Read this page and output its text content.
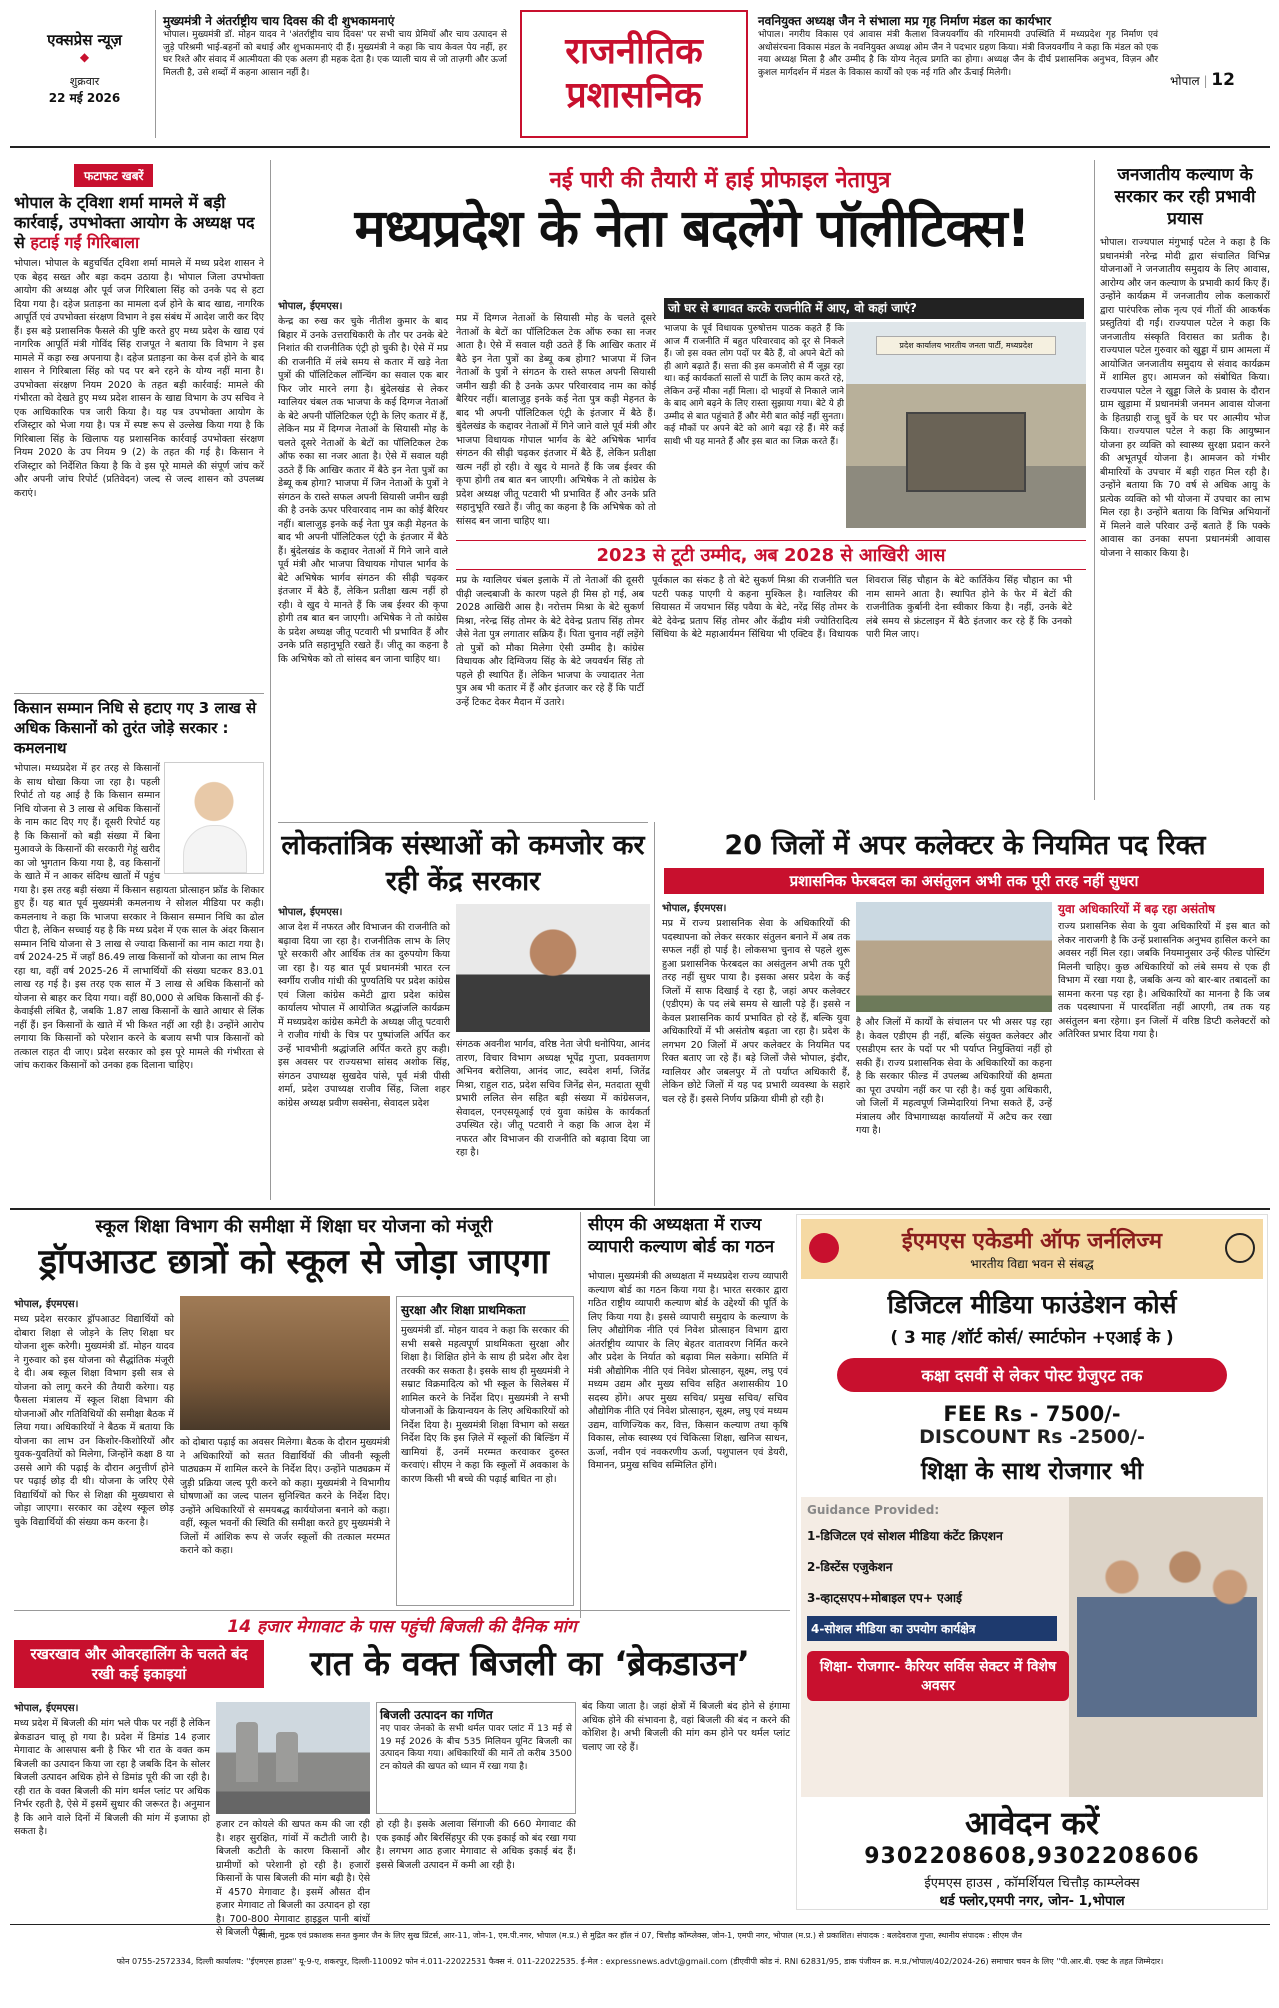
एक्सप्रेस न्यूज़
◆
शुक्रवार
22 मई 2026
मुख्यमंत्री ने अंतर्राष्ट्रीय चाय दिवस की दी शुभकामनाएं
भोपाल। मुख्यमंत्री डॉ. मोहन यादव ने 'अंतर्राष्ट्रीय चाय दिवस' पर सभी चाय प्रेमियों और चाय उत्पादन से जुड़े परिश्रमी भाई-बहनों को बधाई और शुभकामनाएं दी हैं। मुख्यमंत्री ने कहा कि चाय केवल पेय नहीं, हर घर रिश्ते और संवाद में आत्मीयता की एक अलग ही महक देता है। एक प्याली चाय से जो ताज़गी और ऊर्जा मिलती है, उसे शब्दों में कहना आसान नहीं है।
राजनीतिक
प्रशासनिक
नवनियुक्त अध्यक्ष जैन ने संभाला मप्र गृह निर्माण मंडल का कार्यभार
भोपाल। नगरीय विकास एवं आवास मंत्री कैलाश विजयवर्गीय की गरिमामयी उपस्थिति में मध्यप्रदेश गृह निर्माण एवं अधोसंरचना विकास मंडल के नवनियुक्त अध्यक्ष ओम जैन ने पदभार ग्रहण किया। मंत्री विजयवर्गीय ने कहा कि मंडल को एक नया अध्यक्ष मिला है और उम्मीद है कि योग्य नेतृत्व प्रगति का होगा। अध्यक्ष जैन के दीर्घ प्रशासनिक अनुभव, विज़न और कुशल मार्गदर्शन में मंडल के विकास कार्यों को एक नई गति और ऊँचाई मिलेगी।
भोपाल | 12
फटाफट खबरें
भोपाल के ट्विशा शर्मा मामले में बड़ी कार्रवाई, उपभोक्ता आयोग के अध्यक्ष पद से हटाई गईं गिरिबाला
भोपाल। भोपाल के बहुचर्चित ट्विशा शर्मा मामले में मध्य प्रदेश शासन ने एक बेहद सख्त और बड़ा कदम उठाया है। भोपाल जिला उपभोक्ता आयोग की अध्यक्ष और पूर्व जज गिरिबाला सिंह को उनके पद से हटा दिया गया है। दहेज प्रताड़ना का मामला दर्ज होने के बाद खाद्य, नागरिक आपूर्ति एवं उपभोक्ता संरक्षण विभाग ने इस संबंध में आदेश जारी कर दिए हैं। इस बड़े प्रशासनिक फैसले की पुष्टि करते हुए मध्य प्रदेश के खाद्य एवं नागरिक आपूर्ति मंत्री गोविंद सिंह राजपूत ने बताया कि विभाग ने इस मामले में कड़ा रुख अपनाया है। दहेज प्रताड़ना का केस दर्ज होने के बाद शासन ने गिरिबाला सिंह को पद पर बने रहने के योग्य नहीं माना है। उपभोक्ता संरक्षण नियम 2020 के तहत बड़ी कार्रवाई: मामले की गंभीरता को देखते हुए मध्य प्रदेश शासन के खाद्य विभाग के उप सचिव ने एक आधिकारिक पत्र जारी किया है। यह पत्र उपभोक्ता आयोग के रजिस्ट्रार को भेजा गया है। पत्र में स्पष्ट रूप से उल्लेख किया गया है कि गिरिबाला सिंह के खिलाफ यह प्रशासनिक कार्रवाई उपभोक्ता संरक्षण नियम 2020 के उप नियम 9 (2) के तहत की गई है। किसान ने रजिस्ट्रार को निर्देशित किया है कि वे इस पूरे मामले की संपूर्ण जांच करें और अपनी जांच रिपोर्ट (प्रतिवेदन) जल्द से जल्द शासन को उपलब्ध कराएं।
किसान सम्मान निधि से हटाए गए 3 लाख से अधिक किसानों को तुरंत जोड़े सरकार : कमलनाथ
भोपाल। मध्यप्रदेश में हर तरह से किसानों के साथ धोखा किया जा रहा है। पहली रिपोर्ट तो यह आई है कि किसान सम्मान निधि योजना से 3 लाख से अधिक किसानों के नाम काट दिए गए हैं। दूसरी रिपोर्ट यह है कि किसानों को बड़ी संख्या में बिना मुआवजे के किसानों की सरकारी गेहूं खरीद का जो भुगतान किया गया है, वह किसानों के खाते में न आकर संदिग्ध खातों में पहुंच गया है। इस तरह बड़ी संख्या में किसान सहायता प्रोत्साहन फ्रॉड के शिकार हुए हैं। यह बात पूर्व मुख्यमंत्री कमलनाथ ने सोशल मीडिया पर कही। कमलनाथ ने कहा कि भाजपा सरकार ने किसान सम्मान निधि का ढोल पीटा है, लेकिन सच्चाई यह है कि मध्य प्रदेश में एक साल के अंदर किसान सम्मान निधि योजना से 3 लाख से ज्यादा किसानों का नाम काटा गया है। वर्ष 2024-25 में जहाँ 86.49 लाख किसानों को योजना का लाभ मिल रहा था, वहीं वर्ष 2025-26 में लाभार्थियों की संख्या घटकर 83.01 लाख रह गई है। इस तरह एक साल में 3 लाख से अधिक किसानों को योजना से बाहर कर दिया गया। वहीं 80,000 से अधिक किसानों की ई-केवाईसी लंबित है, जबकि 1.87 लाख किसानों के खाते आधार से लिंक नहीं हैं। इन किसानों के खाते में भी किश्त नहीं आ रही है। उन्होंने आरोप लगाया कि किसानों को परेशान करने के बजाय सभी पात्र किसानों को तत्काल राहत दी जाए। प्रदेश सरकार को इस पूरे मामले की गंभीरता से जांच कराकर किसानों को उनका हक दिलाना चाहिए।
नई पारी की तैयारी में हाई प्रोफाइल नेतापुत्र
मध्यप्रदेश के नेता बदलेंगे पॉलीटिक्स!
भोपाल, ईएमएस।
केन्द्र का रुख कर चुके नीतीश कुमार के बाद बिहार में उनके उत्तराधिकारी के तौर पर उनके बेटे निशांत की राजनीतिक एंट्री हो चुकी है। ऐसे में मप्र की राजनीति में लंबे समय से कतार में खड़े नेता पुत्रों की पॉलिटिकल लॉन्चिंग का सवाल एक बार फिर जोर मारने लगा है। बुंदेलखंड से लेकर ग्वालियर चंबल तक भाजपा के कई दिग्गज नेताओं के बेटे अपनी पॉलिटिकल एंट्री के लिए कतार में हैं, लेकिन मप्र में दिग्गज नेताओं के सियासी मोह के चलते दूसरे नेताओं के बेटों का पॉलिटिकल टेक ऑफ रुका सा नजर आता है। ऐसे में सवाल यही उठते हैं कि आखिर कतार में बैठे इन नेता पुत्रों का डेब्यू कब होगा? भाजपा में जिन नेताओं के पुत्रों ने संगठन के रास्ते सफल अपनी सियासी जमीन खड़ी की है उनके ऊपर परिवारवाद नाम का कोई बैरियर नहीं। बालाजुड़ इनके कई नेता पुत्र कड़ी मेहनत के बाद भी अपनी पॉलिटिकल एंट्री के इंतजार में बैठे हैं। बुंदेलखंड के कद्दावर नेताओं में गिने जाने वाले पूर्व मंत्री और भाजपा विधायक गोपाल भार्गव के बेटे अभिषेक भार्गव संगठन की सीढ़ी चढ़कर इंतजार में बैठे हैं, लेकिन प्रतीक्षा खत्म नहीं हो रही। वे खुद ये मानते हैं कि जब ईश्वर की कृपा होगी तब बात बन जाएगी। अभिषेक ने तो कांग्रेस के प्रदेश अध्यक्ष जीतू पटवारी भी प्रभावित हैं और उनके प्रति सहानुभूति रखते हैं। जीतू का कहना है कि अभिषेक को तो सांसद बन जाना चाहिए था।
मप्र में दिग्गज नेताओं के सियासी मोह के चलते दूसरे नेताओं के बेटों का पॉलिटिकल टेक ऑफ रुका सा नजर आता है। ऐसे में सवाल यही उठते हैं कि आखिर कतार में बैठे इन नेता पुत्रों का डेब्यू कब होगा? भाजपा में जिन नेताओं के पुत्रों ने संगठन के रास्ते सफल अपनी सियासी जमीन खड़ी की है उनके ऊपर परिवारवाद नाम का कोई बैरियर नहीं। बालाजुड़ इनके कई नेता पुत्र कड़ी मेहनत के बाद भी अपनी पॉलिटिकल एंट्री के इंतजार में बैठे हैं। बुंदेलखंड के कद्दावर नेताओं में गिने जाने वाले पूर्व मंत्री और भाजपा विधायक गोपाल भार्गव के बेटे अभिषेक भार्गव संगठन की सीढ़ी चढ़कर इंतजार में बैठे हैं, लेकिन प्रतीक्षा खत्म नहीं हो रही। वे खुद ये मानते हैं कि जब ईश्वर की कृपा होगी तब बात बन जाएगी। अभिषेक ने तो कांग्रेस के प्रदेश अध्यक्ष जीतू पटवारी भी प्रभावित हैं और उनके प्रति सहानुभूति रखते हैं। जीतू का कहना है कि अभिषेक को तो सांसद बन जाना चाहिए था।
जो घर से बगावत करके राजनीति में आए, वो कहां जाएं?
भाजपा के पूर्व विधायक पुरुषोत्तम पाठक कहते हैं कि आज मैं राजनीति में बहुत परिवारवाद को दूर से निकले हैं। जो इस वक्त लोग पदों पर बैठे हैं, वो अपने बेटों को ही आगे बढ़ाते हैं। सत्ता की इस कमजोरी से मैं जूझ रहा था। कई कार्यकर्ता सालों से पार्टी के लिए काम करते रहे, लेकिन उन्हें मौका नहीं मिला। दो भाइयों से निकाले जाने के बाद आगे बढ़ने के लिए रास्ता सुझाया गया। बेटे ये ही उम्मीद से बात पहुंचाते हैं और मेरी बात कोई नहीं सुनता। कई मौकों पर अपने बेटे को आगे बढ़ा रहे हैं। मेरे कई साथी भी यह मानते हैं और इस बात का जिक्र करते हैं।
प्रदेश कार्यालय भारतीय जनता पार्टी, मध्यप्रदेश
2023 से टूटी उम्मीद, अब 2028 से आखिरी आस
मप्र के ग्वालियर चंबल इलाके में तो नेताओं की दूसरी पीढ़ी जल्दबाजी के कारण पहले ही मिस हो गई, अब 2028 आखिरी आस है। नरोत्तम मिश्रा के बेटे सुकर्ण मिश्रा, नरेन्द्र सिंह तोमर के बेटे देवेन्द्र प्रताप सिंह तोमर जैसे नेता पुत्र लगातार सक्रिय हैं। पिता चुनाव नहीं लड़ेंगे तो पुत्रों को मौका मिलेगा ऐसी उम्मीद है। कांग्रेस विधायक और दिग्विजय सिंह के बेटे जयवर्धन सिंह तो पहले ही स्थापित हैं। लेकिन भाजपा के ज्यादातर नेता पुत्र अब भी कतार में हैं और इंतजार कर रहे हैं कि पार्टी उन्हें टिकट देकर मैदान में उतारे।
पूर्वकाल का संकट है तो बेटे सुकर्ण मिश्रा की राजनीति चल पटरी पकड़ पाएगी ये कहना मुश्किल है। ग्वालियर की सियासत में जयभान सिंह पवैया के बेटे, नरेंद्र सिंह तोमर के बेटे देवेन्द्र प्रताप सिंह तोमर और केंद्रीय मंत्री ज्योतिरादित्य सिंधिया के बेटे महाआर्यमन सिंधिया भी एक्टिव हैं। विधायक शिवराज सिंह चौहान के बेटे कार्तिकेय सिंह चौहान का भी नाम सामने आता है। स्थापित होने के फेर में बेटों की राजनीतिक कुर्बानी देना स्वीकार किया है। नहीं, उनके बेटे लंबे समय से फ्रंटलाइन में बैठे इंतजार कर रहे हैं कि उनको पारी मिल जाए।
जनजातीय कल्याण के सरकार कर रही प्रभावी प्रयास
भोपाल। राज्यपाल मंगुभाई पटेल ने कहा है कि प्रधानमंत्री नरेन्द्र मोदी द्वारा संचालित विभिन्न योजनाओं ने जनजातीय समुदाय के लिए आवास, आरोग्य और जन कल्याण के प्रभावी कार्य किए हैं। उन्होंने कार्यक्रम में जनजातीय लोक कलाकारों द्वारा पारंपरिक लोक नृत्य एवं गीतों की आकर्षक प्रस्तुतियां दी गईं। राज्यपाल पटेल ने कहा कि जनजातीय संस्कृति विरासत का प्रतीक है। राज्यपाल पटेल गुरुवार को खुड्डा में ग्राम आमला में आयोजित जनजातीय समुदाय से संवाद कार्यक्रम में शामिल हुए। आमजन को संबोधित किया। राज्यपाल पटेल ने खुड्डा जिले के प्रवास के दौरान ग्राम खुड़ामा में प्रधानमंत्री जनमन आवास योजना के हितग्राही राजू धुर्वे के घर पर आत्मीय भोज किया। राज्यपाल पटेल ने कहा कि आयुष्मान योजना हर व्यक्ति को स्वास्थ्य सुरक्षा प्रदान करने की अभूतपूर्व योजना है। आमजन को गंभीर बीमारियों के उपचार में बड़ी राहत मिल रही है। उन्होंने बताया कि 70 वर्ष से अधिक आयु के प्रत्येक व्यक्ति को भी योजना में उपचार का लाभ मिल रहा है। उन्होंने बताया कि विभिन्न अभियानों में मिलने वाले परिवार उन्हें बताते हैं कि पक्के आवास का उनका सपना प्रधानमंत्री आवास योजना ने साकार किया है।
लोकतांत्रिक संस्थाओं को कमजोर कर रही केंद्र सरकार
भोपाल, ईएमएस।
आज देश में नफरत और विभाजन की राजनीति को बढ़ावा दिया जा रहा है। राजनीतिक लाभ के लिए पूरे सरकारी और आर्थिक तंत्र का दुरुपयोग किया जा रहा है। यह बात पूर्व प्रधानमंत्री भारत रत्न स्वर्गीय राजीव गांधी की पुण्यतिथि पर प्रदेश कांग्रेस एवं जिला कांग्रेस कमेटी द्वारा प्रदेश कांग्रेस कार्यालय भोपाल में आयोजित श्रद्धांजलि कार्यक्रम में मध्यप्रदेश कांग्रेस कमेटी के अध्यक्ष जीतू पटवारी ने राजीव गांधी के चित्र पर पुष्पांजलि अर्पित कर उन्हें भावभीनी श्रद्धांजलि अर्पित करते हुए कही। इस अवसर पर राज्यसभा सांसद अशोक सिंह, संगठन उपाध्यक्ष सुखदेव पांसे, पूर्व मंत्री पीसी शर्मा, प्रदेश उपाध्यक्ष राजीव सिंह, जिला शहर कांग्रेस अध्यक्ष प्रवीण सक्सेना, सेवादल प्रदेश
संगठक अवनीश भार्गव, वरिष्ठ नेता जेपी धनोपिया, आनंद तारण, विचार विभाग अध्यक्ष भूपेंद्र गुप्ता, प्रवक्तागण अभिनव बरोलिया, आनंद जाट, स्वदेश शर्मा, जितेंद्र मिश्रा, राहुल राठ, प्रदेश सचिव जिनेंद्र सेन, मतदाता सूची प्रभारी ललित सेन सहित बड़ी संख्या में कांग्रेसजन, सेवादल, एनएसयूआई एवं युवा कांग्रेस के कार्यकर्ता उपस्थित रहे। जीतू पटवारी ने कहा कि आज देश में नफरत और विभाजन की राजनीति को बढ़ावा दिया जा रहा है।
20 जिलों में अपर कलेक्टर के नियमित पद रिक्त
प्रशासनिक फेरबदल का असंतुलन अभी तक पूरी तरह नहीं सुधरा
भोपाल, ईएमएस।
मप्र में राज्य प्रशासनिक सेवा के अधिकारियों की पदस्थापना को लेकर सरकार संतुलन बनाने में अब तक सफल नहीं हो पाई है। लोकसभा चुनाव से पहले शुरू हुआ प्रशासनिक फेरबदल का असंतुलन अभी तक पूरी तरह नहीं सुधर पाया है। इसका असर प्रदेश के कई जिलों में साफ दिखाई दे रहा है, जहां अपर कलेक्टर (एडीएम) के पद लंबे समय से खाली पड़े हैं। इससे न केवल प्रशासनिक कार्य प्रभावित हो रहे हैं, बल्कि युवा अधिकारियों में भी असंतोष बढ़ता जा रहा है। प्रदेश के लगभग 20 जिलों में अपर कलेक्टर के नियमित पद रिक्त बताए जा रहे हैं। बड़े जिलों जैसे भोपाल, इंदौर, ग्वालियर और जबलपुर में तो पर्याप्त अधिकारी हैं, लेकिन छोटे जिलों में यह पद प्रभारी व्यवस्था के सहारे चल रहे हैं। इससे निर्णय प्रक्रिया धीमी हो रही है।
है और जिलों में कार्यों के संचालन पर भी असर पड़ रहा है। केवल एडीएम ही नहीं, बल्कि संयुक्त कलेक्टर और एसडीएम स्तर के पदों पर भी पर्याप्त नियुक्तियां नहीं हो सकी हैं। राज्य प्रशासनिक सेवा के अधिकारियों का कहना है कि सरकार फील्ड में उपलब्ध अधिकारियों की क्षमता का पूरा उपयोग नहीं कर पा रही है। कई युवा अधिकारी, जो जिलों में महत्वपूर्ण जिम्मेदारियां निभा सकते हैं, उन्हें मंत्रालय और विभागाध्यक्ष कार्यालयों में अटैच कर रखा गया है।
युवा अधिकारियों में बढ़ रहा असंतोष
राज्य प्रशासनिक सेवा के युवा अधिकारियों में इस बात को लेकर नाराजगी है कि उन्हें प्रशासनिक अनुभव हासिल करने का अवसर नहीं मिल रहा। जबकि नियमानुसार उन्हें फील्ड पोस्टिंग मिलनी चाहिए। कुछ अधिकारियों को लंबे समय से एक ही विभाग में रखा गया है, जबकि अन्य को बार-बार तबादलों का सामना करना पड़ रहा है। अधिकारियों का मानना है कि जब तक पदस्थापना में पारदर्शिता नहीं आएगी, तब तक यह असंतुलन बना रहेगा। इन जिलों में वरिष्ठ डिप्टी कलेक्टरों को अतिरिक्त प्रभार दिया गया है।
स्कूल शिक्षा विभाग की समीक्षा में शिक्षा घर योजना को मंजूरी
ड्रॉपआउट छात्रों को स्कूल से जोड़ा जाएगा
भोपाल, ईएमएस।
मध्य प्रदेश सरकार ड्रॉपआउट विद्यार्थियों को दोबारा शिक्षा से जोड़ने के लिए शिक्षा घर योजना शुरू करेगी। मुख्यमंत्री डॉ. मोहन यादव ने गुरुवार को इस योजना को सैद्धांतिक मंजूरी दे दी। अब स्कूल शिक्षा विभाग इसी सत्र से योजना को लागू करने की तैयारी करेगा। यह फैसला मंत्रालय में स्कूल शिक्षा विभाग की योजनाओं और गतिविधियों की समीक्षा बैठक में लिया गया। अधिकारियों ने बैठक में बताया कि योजना का लाभ उन किशोर-किशोरियों और युवक-युवतियों को मिलेगा, जिन्होंने कक्षा 8 या उससे आगे की पढ़ाई के दौरान अनुत्तीर्ण होने पर पढ़ाई छोड़ दी थी। योजना के जरिए ऐसे विद्यार्थियों को फिर से शिक्षा की मुख्यधारा से जोड़ा जाएगा। सरकार का उद्देश्य स्कूल छोड़ चुके विद्यार्थियों की संख्या कम करना है।
को दोबारा पढ़ाई का अवसर मिलेगा। बैठक के दौरान मुख्यमंत्री ने अधिकारियों को सतत विद्यार्थियों की जीवनी स्कूली पाठ्यक्रम में शामिल करने के निर्देश दिए। उन्होंने पाठ्यक्रम में जुड़ी प्रक्रिया जल्द पूरी करने को कहा। मुख्यमंत्री ने विभागीय घोषणाओं का जल्द पालन सुनिश्चित करने के निर्देश दिए। उन्होंने अधिकारियों से समयबद्ध कार्ययोजना बनाने को कहा। वहीं, स्कूल भवनों की स्थिति की समीक्षा करते हुए मुख्यमंत्री ने जिलों में आंशिक रूप से जर्जर स्कूलों की तत्काल मरम्मत कराने को कहा।
सुरक्षा और शिक्षा प्राथमिकता
मुख्यमंत्री डॉ. मोहन यादव ने कहा कि सरकार की सभी सबसे महत्वपूर्ण प्राथमिकता सुरक्षा और शिक्षा है। शिक्षित होने के साथ ही प्रदेश और देश तरक्की कर सकता है। इसके साथ ही मुख्यमंत्री ने सम्राट विक्रमादित्य को भी स्कूल के सिलेबस में शामिल करने के निर्देश दिए। मुख्यमंत्री ने सभी योजनाओं के क्रियान्वयन के लिए अधिकारियों को निर्देश दिया है। मुख्यमंत्री शिक्षा विभाग को सख्त निर्देश दिए कि इस ज़िले में स्कूलों की बिल्डिंग में खामियां हैं, उनमें मरम्मत करवाकर दुरुस्त करवाएं। सीएम ने कहा कि स्कूलों में अवकाश के कारण किसी भी बच्चे की पढ़ाई बाधित ना हो।
सीएम की अध्यक्षता में राज्य व्यापारी कल्याण बोर्ड का गठन
भोपाल। मुख्यमंत्री की अध्यक्षता में मध्यप्रदेश राज्य व्यापारी कल्याण बोर्ड का गठन किया गया है। भारत सरकार द्वारा गठित राष्ट्रीय व्यापारी कल्याण बोर्ड के उद्देश्यों की पूर्ति के लिए किया गया है। इससे व्यापारी समुदाय के कल्याण के लिए औद्योगिक नीति एवं निवेश प्रोत्साहन विभाग द्वारा अंतर्राष्ट्रीय व्यापार के लिए बेहतर वातावरण निर्मित करने और प्रदेश के निर्यात को बढ़ावा मिल सकेगा। समिति में मंत्री औद्योगिक नीति एवं निवेश प्रोत्साहन, सूक्ष्म, लघु एवं मध्यम उद्यम और मुख्य सचिव सहित अशासकीय 10 सदस्य होंगे। अपर मुख्य सचिव/ प्रमुख सचिव/ सचिव औद्योगिक नीति एवं निवेश प्रोत्साहन, सूक्ष्म, लघु एवं मध्यम उद्यम, वाणिज्यिक कर, वित्त, किसान कल्याण तथा कृषि विकास, लोक स्वास्थ्य एवं चिकित्सा शिक्षा, खनिज साधन, ऊर्जा, नवीन एवं नवकरणीय ऊर्जा, पशुपालन एवं डेयरी, विमानन, प्रमुख सचिव सम्मिलित होंगे।
ईएमएस एकेडमी ऑफ जर्नलिज्म
भारतीय विद्या भवन से संबद्ध
डिजिटल मीडिया फाउंडेशन कोर्स
( 3 माह /शॉर्ट कोर्स/ स्मार्टफोन +एआई के )
कक्षा दसवीं से लेकर पोस्ट ग्रेजुएट तक
FEE Rs - 7500/-
DISCOUNT Rs -2500/-
शिक्षा के साथ रोजगार भी
Guidance Provided:
1-डिजिटल एवं सोशल मीडिया कंटेंट क्रिएशन
2-डिस्टेंस एजुकेशन
3-व्हाट्सएप+मोबाइल एप+ एआई
4-सोशल मीडिया का उपयोग कार्यक्षेत्र
शिक्षा- रोजगार- कैरियर सर्विस सेक्टर में विशेष अवसर
आवेदन करें
9302208608,9302208606
ईएमएस हाउस , कॉमर्शियल चित्तौड़ काम्प्लेक्स
थर्ड फ्लोर,एमपी नगर, जोन- 1,भोपाल
14 हजार मेगावाट के पास पहुंची बिजली की दैनिक मांग
रखरखाव और ओवरहालिंग के चलते बंद रखी कई इकाइयां	रात के वक्त बिजली का ‘ब्रेकडाउन’
भोपाल, ईएमएस।
मध्य प्रदेश में बिजली की मांग भले पीक पर नहीं है लेकिन ब्रेकडाउन चालू हो गया है। प्रदेश में डिमांड 14 हजार मेगावाट के आसपास बनी है फिर भी रात के वक्त कम बिजली का उत्पादन किया जा रहा है जबकि दिन के सोलर बिजली उत्पादन अधिक होने से डिमांड पूरी की जा रही है। रही रात के वक्त बिजली की मांग थर्मल प्लांट पर अधिक निर्भर रहती है, ऐसे में इसमें सुधार की जरूरत है। अनुमान है कि आने वाले दिनों में बिजली की मांग में इजाफा हो सकता है।
हजार टन कोयले की खपत कम की जा रही है। शहर सुरक्षित, गांवों में कटौती जारी है। बिजली कटौती के कारण किसानों और ग्रामीणों को परेशानी हो रही है। हजारों किसानों के पास बिजली की मांग बढ़ी है। ऐसे में 4570 मेगावाट है। इसमें औसत दीन हजार मेगावाट तो बिजली का उत्पादन हो रहा है। 700-800 मेगावाट हाइड्रल पानी बांधों से बिजली पैदा
बिजली उत्पादन का गणित
नए पावर जेनको के सभी थर्मल पावर प्लांट में 13 मई से 19 मई 2026 के बीच 535 मिलियन यूनिट बिजली का उत्पादन किया गया। अधिकारियों की मानें तो करीब 3500 टन कोयले की खपत को ध्यान में रखा गया है।
हो रही है। इसके अलावा सिंगाजी की 660 मेगावाट की एक इकाई और बिरसिंहपुर की एक इकाई को बंद रखा गया है। लगभग आठ हजार मेगावाट से अधिक इकाई बंद हैं। इससे बिजली उत्पादन में कमी आ रही है।
बंद किया जाता है। जहां क्षेत्रों में बिजली बंद होने से हंगामा अधिक होने की संभावना है, वहां बिजली की बंद न करने की कोशिश है। अभी बिजली की मांग कम होने पर थर्मल प्लांट चलाए जा रहे हैं।
स्वामी, मुद्रक एवं प्रकाशक सनत कुमार जैन के लिए सुख प्रिंटर्स, आर-11, जोन-1, एम.पी.नगर, भोपाल (म.प्र.) से मुद्रित कर हॉल नं 07, चित्तौड़ कॉम्प्लेक्स, जोन-1, एमपी नगर, भोपाल (म.प्र.) से प्रकाशित। संपादक : बलदेवराज गुप्ता, स्थानीय संपादक : सीएम जैन
फोन 0755-2572334, दिल्ली कार्यालय: ''ईएमएस हाउस'' यू-9-ए, शकरपुर, दिल्ली-110092 फोन नं.011-22022531 फैक्स नं. 011-22022535. ई-मेल : expressnews.advt@gmail.com (डीएवीपी कोड नं. RNI 62831/95, डाक पंजीयन क्र. म.प्र./भोपाल/402/2024-26) समाचार चयन के लिए ''पी.आर.बी. एक्ट के तहत जिम्मेदार।
